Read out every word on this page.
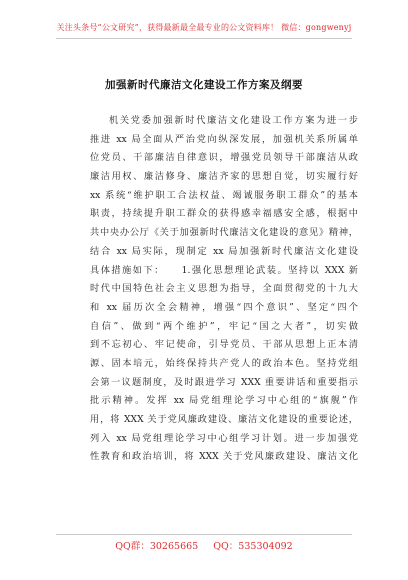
关注头条号“公文研究”，获得最新最全最专业的公文资料库！ 微信：gongwenyj
加强新时代廉洁文化建设工作方案及纲要
机关党委加强新时代廉洁文化建设工作方案为进一步
推进 xx 局全面从严治党向纵深发展，加强机关系所属单
位党员、干部廉洁自律意识，增强党员领导干部廉洁从政
廉洁用权、廉洁修身、廉洁齐家的思想自觉，切实履行好
xx 系统“维护职工合法权益、竭诚服务职工群众”的基本
职责，持续提升职工群众的获得感幸福感安全感，根据中
共中央办公厅《关于加强新时代廉洁文化建设的意见》精神，
结合 xx 局实际，现制定 xx 局加强新时代廉洁文化建设
具体措施如下：　　1.强化思想理论武装。坚持以 XXX 新
时代中国特色社会主义思想为指导，全面贯彻党的十九大
和 xx 届历次全会精神，增强“四个意识”、坚定“四个
自信”、做到“两个维护”，牢记“国之大者”，切实做
到不忘初心、牢记使命，引导党员、干部从思想上正本清
源、固本培元，始终保持共产党人的政治本色。坚持党组
会第一议题制度，及时跟进学习 XXX 重要讲话和重要指示
批示精神。发挥 xx 局党组理论学习中心组的“旗舰”作
用，将 XXX 关于党风廉政建设、廉洁文化建设的重要论述，
列入 xx 局党组理论学习中心组学习计划。进一步加强党
性教育和政治培训，将 XXX 关于党风廉政建设、廉洁文化
QQ群：30265665 QQ：535304092
